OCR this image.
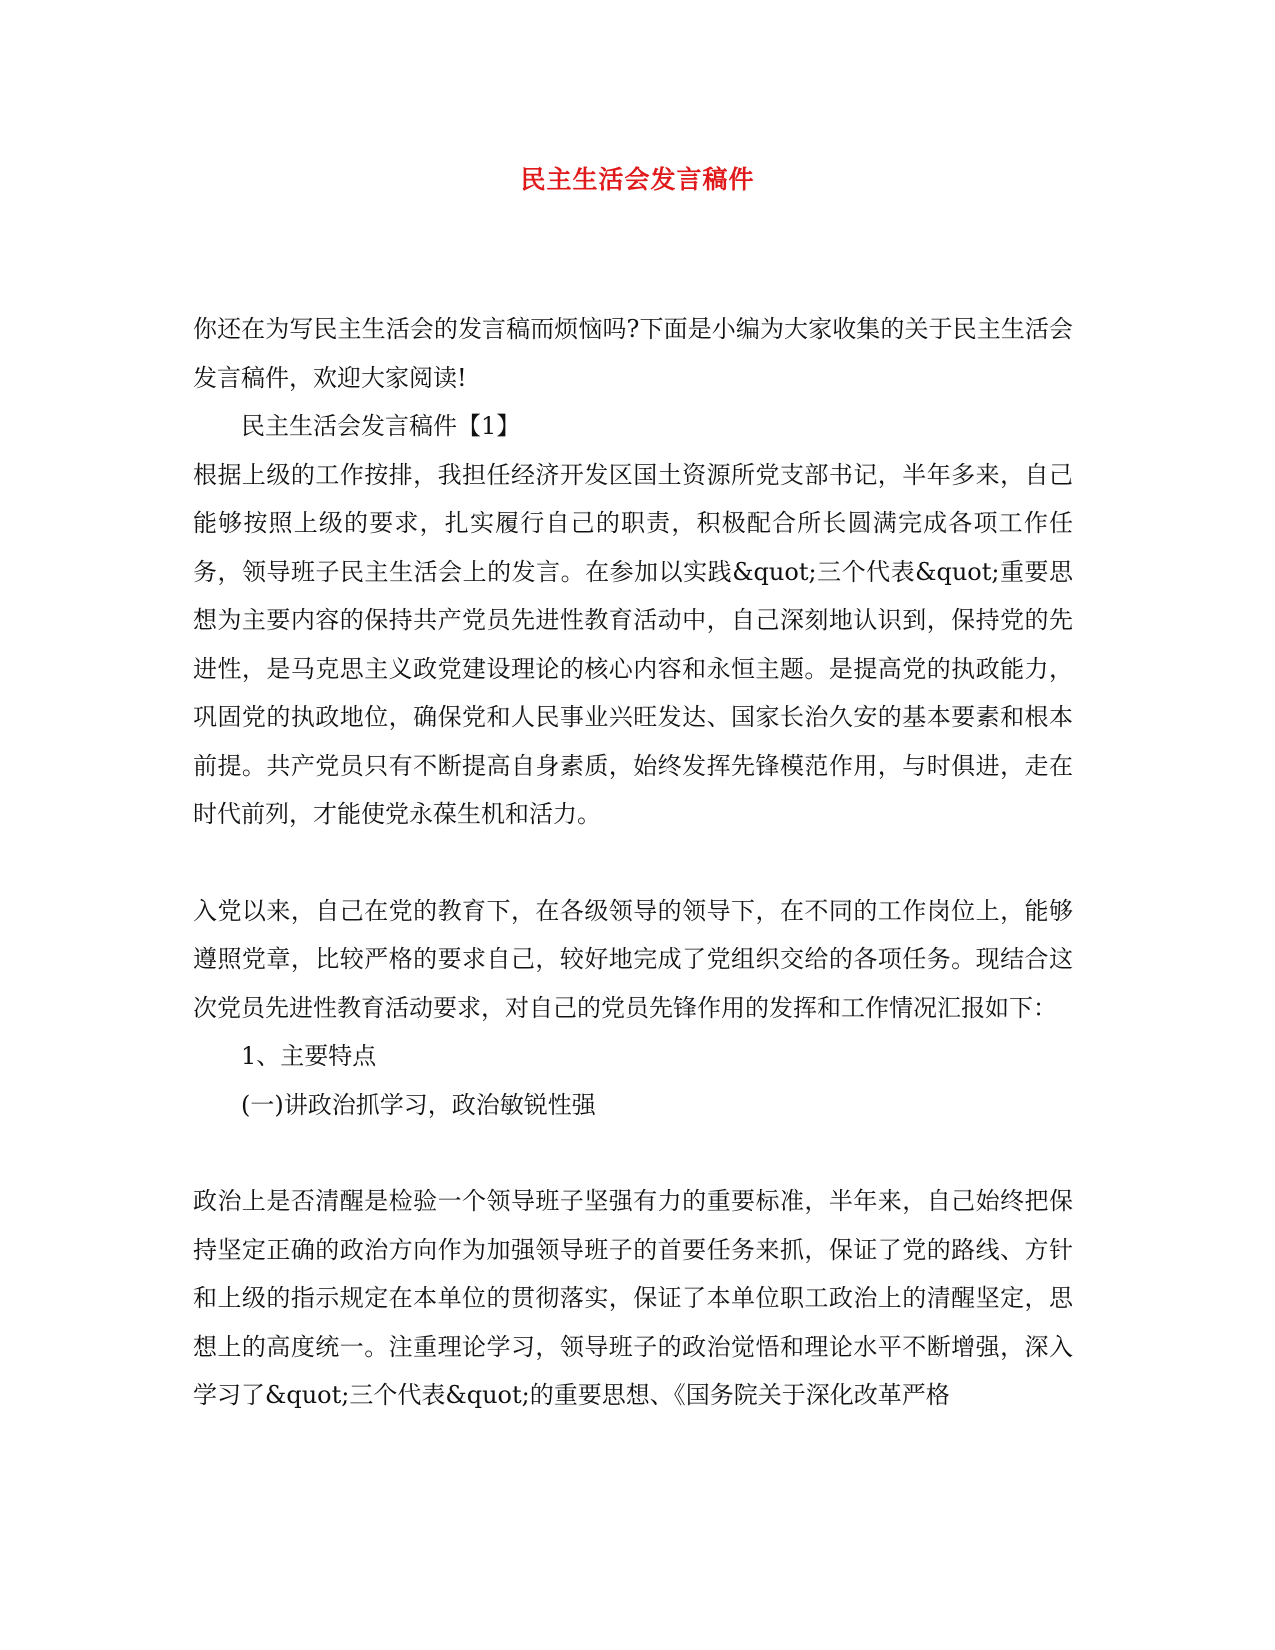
民主生活会发言稿件

你还在为写民主生活会的发言稿而烦恼吗?下面是小编为大家收集的关于民主生活会发言稿件，欢迎大家阅读!

民主生活会发言稿件【1】

根据上级的工作按排，我担任经济开发区国土资源所党支部书记，半年多来，自己能够按照上级的要求，扎实履行自己的职责，积极配合所长圆满完成各项工作任务，领导班子民主生活会上的发言。在参加以实践&quot;三个代表&quot;重要思想为主要内容的保持共产党员先进性教育活动中，自己深刻地认识到，保持党的先进性，是马克思主义政党建设理论的核心内容和永恒主题。是提高党的执政能力，巩固党的执政地位，确保党和人民事业兴旺发达、国家长治久安的基本要素和根本前提。共产党员只有不断提高自身素质，始终发挥先锋模范作用，与时俱进，走在时代前列，才能使党永葆生机和活力。

入党以来，自己在党的教育下，在各级领导的领导下，在不同的工作岗位上，能够遵照党章，比较严格的要求自己，较好地完成了党组织交给的各项任务。现结合这次党员先进性教育活动要求，对自己的党员先锋作用的发挥和工作情况汇报如下：

1、主要特点

(一)讲政治抓学习，政治敏锐性强

政治上是否清醒是检验一个领导班子坚强有力的重要标准，半年来，自己始终把保持坚定正确的政治方向作为加强领导班子的首要任务来抓，保证了党的路线、方针和上级的指示规定在本单位的贯彻落实，保证了本单位职工政治上的清醒坚定，思想上的高度统一。注重理论学习，领导班子的政治觉悟和理论水平不断增强，深入学习了&quot;三个代表&quot;的重要思想、《国务院关于深化改革严格
